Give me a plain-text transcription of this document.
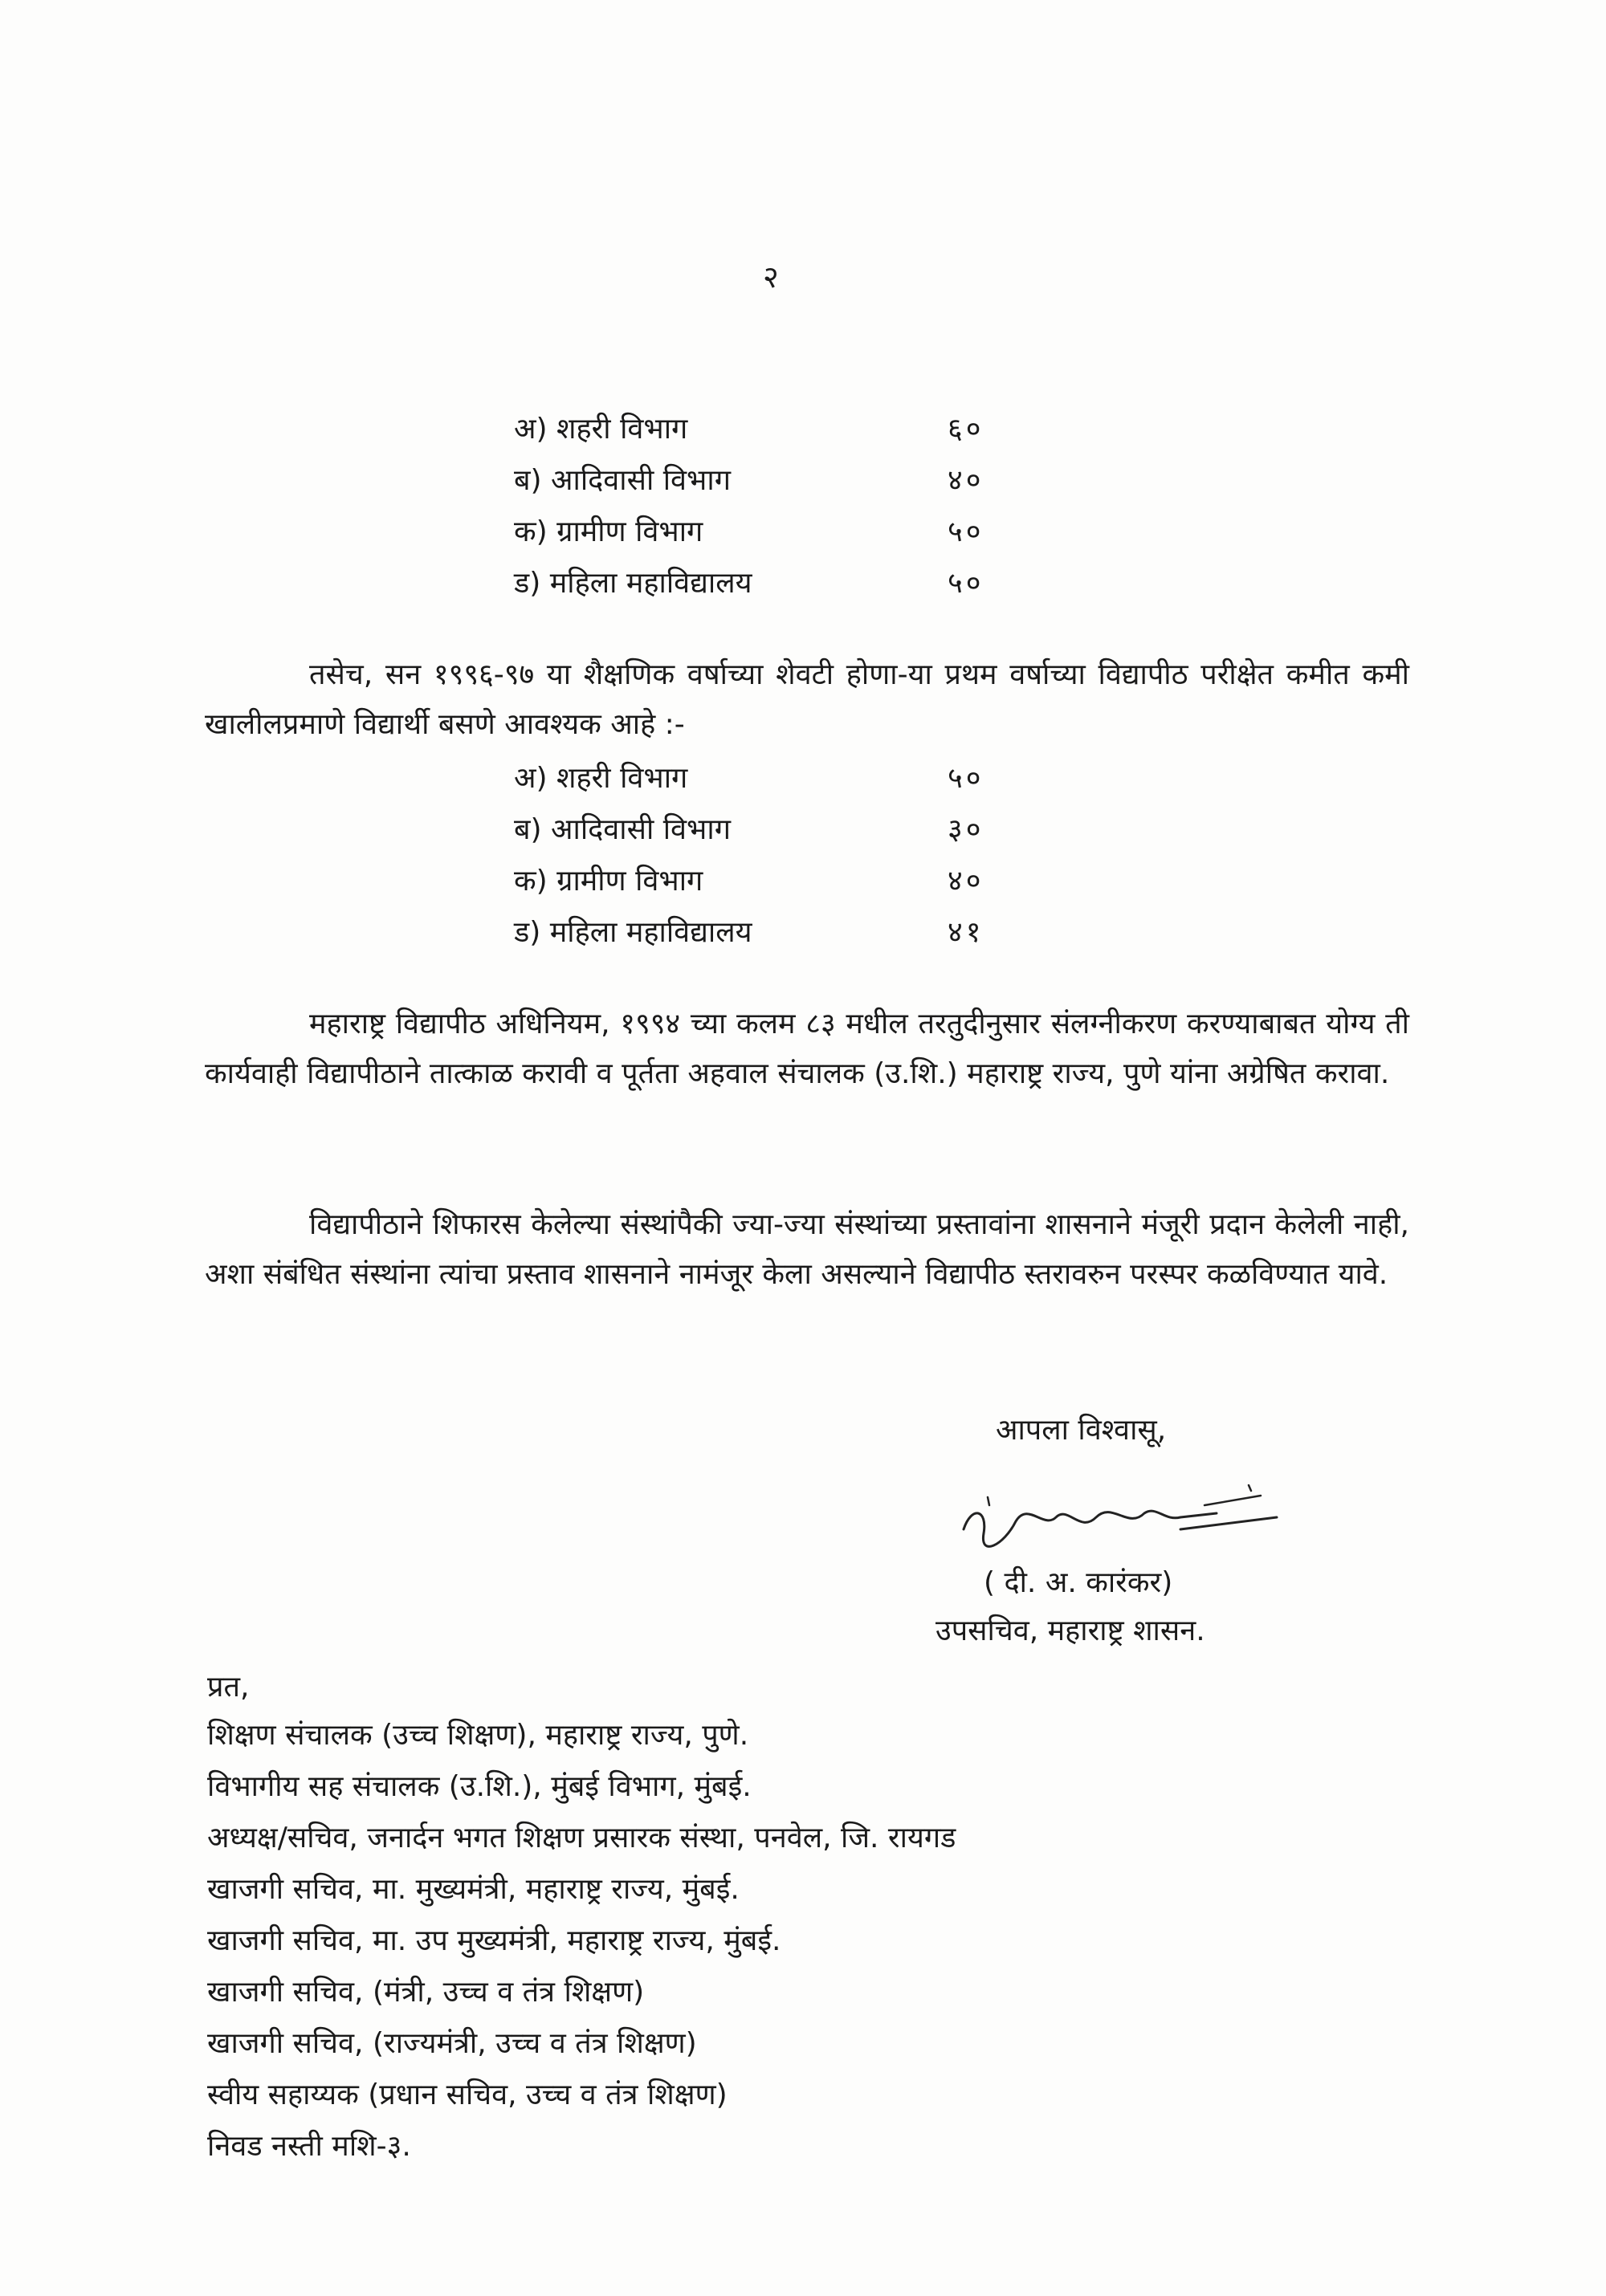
२
अ) शहरी विभाग	६०
ब) आदिवासी विभाग	४०
क) ग्रामीण विभाग	५०
ड) महिला महाविद्यालय	५०

तसेच, सन १९९६-९७ या शैक्षणिक वर्षाच्या शेवटी होणा-या प्रथम वर्षाच्या विद्यापीठ परीक्षेत कमीत कमी खालीलप्रमाणे विद्यार्थी बसणे आवश्यक आहे :-

अ) शहरी विभाग	५०
ब) आदिवासी विभाग	३०
क) ग्रामीण विभाग	४०
ड) महिला महाविद्यालय	४१

महाराष्ट्र विद्यापीठ अधिनियम, १९९४ च्या कलम ८३ मधील तरतुदीनुसार संलग्नीकरण करण्याबाबत योग्य ती कार्यवाही विद्यापीठाने तात्काळ करावी व पूर्तता अहवाल संचालक (उ.शि.) महाराष्ट्र राज्य, पुणे यांना अग्रेषित करावा.

विद्यापीठाने शिफारस केलेल्या संस्थांपैकी ज्या-ज्या संस्थांच्या प्रस्तावांना शासनाने मंजूरी प्रदान केलेली नाही, अशा संबंधित संस्थांना त्यांचा प्रस्ताव शासनाने नामंजूर केला असल्याने विद्यापीठ स्तरावरुन परस्पर कळविण्यात यावे.

आपला विश्वासू,
( दी. अ. कारंकर)
उपसचिव, महाराष्ट्र शासन.
प्रत,
शिक्षण संचालक (उच्च शिक्षण), महाराष्ट्र राज्य, पुणे.
विभागीय सह संचालक (उ.शि.), मुंबई विभाग, मुंबई.
अध्यक्ष/सचिव, जनार्दन भगत शिक्षण प्रसारक संस्था, पनवेल, जि. रायगड
खाजगी सचिव, मा. मुख्यमंत्री, महाराष्ट्र राज्य, मुंबई.
खाजगी सचिव, मा. उप मुख्यमंत्री, महाराष्ट्र राज्य, मुंबई.
खाजगी सचिव, (मंत्री, उच्च व तंत्र शिक्षण)
खाजगी सचिव, (राज्यमंत्री, उच्च व तंत्र शिक्षण)
स्वीय सहाय्यक (प्रधान सचिव, उच्च व तंत्र शिक्षण)
निवड नस्ती मशि-३.
